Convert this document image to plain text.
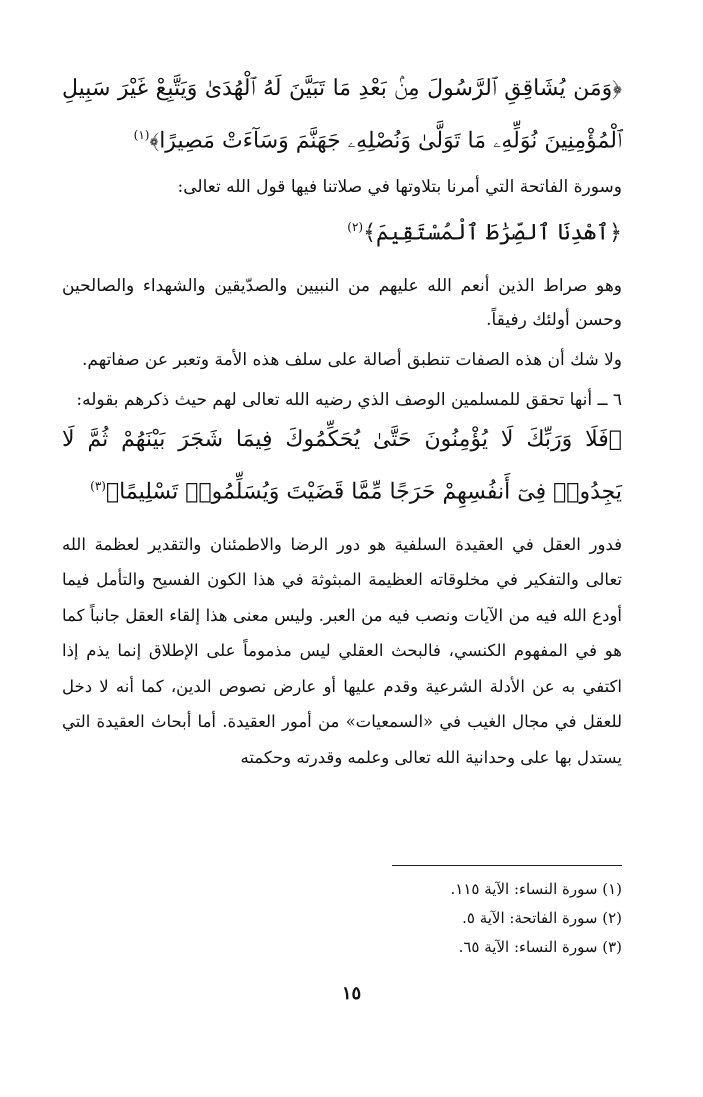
﴿وَمَن يُشَاقِقِ ٱلرَّسُولَ مِنۢ بَعْدِ مَا تَبَيَّنَ لَهُ ٱلْهُدَىٰ وَيَتَّبِعْ غَيْرَ سَبِيلِ ٱلْمُؤْمِنِينَ نُوَلِّهِۦ مَا تَوَلَّىٰ وَنُصْلِهِۦ جَهَنَّمَ وَسَآءَتْ مَصِيرًا﴾$^{(١)}$

وسورة الفاتحة التي أمرنا بتلاوتها في صلاتنا فيها قول الله تعالى:

﴿ٱهْدِنَا ٱلصِّرَٰطَ ٱلْمُسْتَقِيمَ﴾$^{(٢)}$

وهو صراط الذين أنعم الله عليهم من النبيين والصدّيقين والشهداء والصالحين وحسن أولئك رفيقاً.

ولا شك أن هذه الصفات تنطبق أصالة على سلف هذه الأمة وتعبر عن صفاتهم.

٦ ــ أنها تحقق للمسلمين الوصف الذي رضيه الله تعالى لهم حيث ذكرهم بقوله:

﴿فَلَا وَرَبِّكَ لَا يُؤْمِنُونَ حَتَّىٰ يُحَكِّمُوكَ فِيمَا شَجَرَ بَيْنَهُمْ ثُمَّ لَا يَجِدُوا۟ فِىٓ أَنفُسِهِمْ حَرَجًا مِّمَّا قَضَيْتَ وَيُسَلِّمُوا۟ تَسْلِيمًا﴾$^{(٣)}$

فدور العقل في العقيدة السلفية هو دور الرضا والاطمئنان والتقدير لعظمة الله تعالى والتفكير في مخلوقاته العظيمة المبثوثة في هذا الكون الفسيح والتأمل فيما أودع الله فيه من الآيات ونصب فيه من العبر. وليس معنى هذا إلقاء العقل جانباً كما هو في المفهوم الكنسي، فالبحث العقلي ليس مذموماً على الإطلاق إنما يذم إذا اكتفي به عن الأدلة الشرعية وقدم عليها أو عارض نصوص الدين، كما أنه لا دخل للعقل في مجال الغيب في «السمعيات» من أمور العقيدة. أما أبحاث العقيدة التي يستدل بها على وحدانية الله تعالى وعلمه وقدرته وحكمته

(١) سورة النساء: الآية ١١٥.
(٢) سورة الفاتحة: الآية ٥.
(٣) سورة النساء: الآية ٦٥.
١٥
